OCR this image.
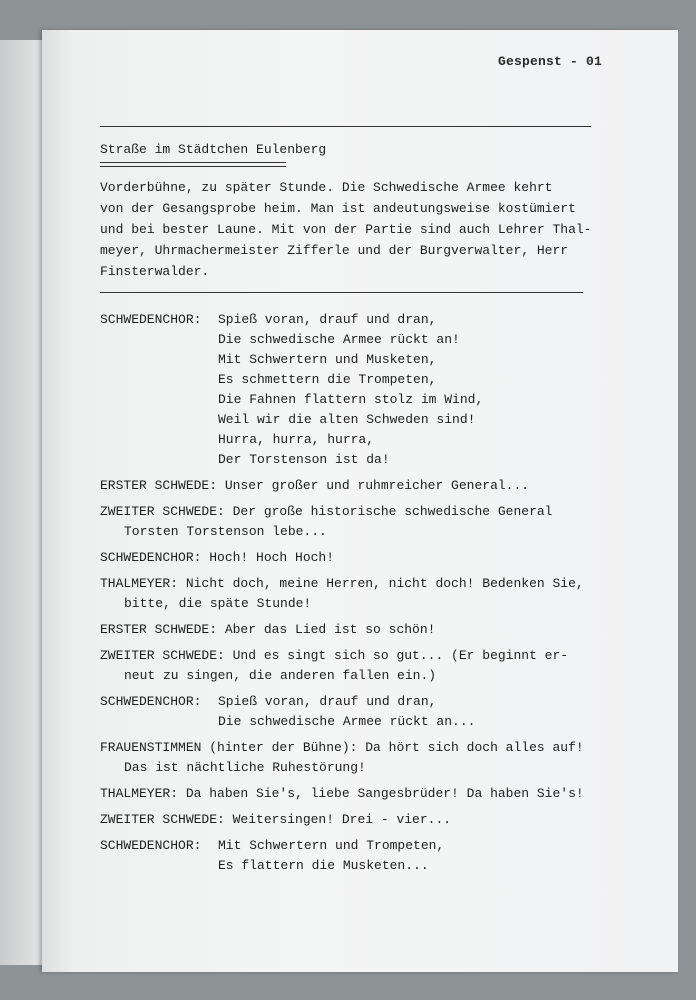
Gespenst - 01
Straße im Städtchen Eulenberg
Vorderbühne, zu später Stunde. Die Schwedische Armee kehrt
von der Gesangsprobe heim. Man ist andeutungsweise kostümiert
und bei bester Laune. Mit von der Partie sind auch Lehrer Thal-
meyer, Uhrmachermeister Zifferle und der Burgverwalter, Herr
Finsterwalder.
SCHWEDENCHOR: Spieß voran, drauf und dran,
Die schwedische Armee rückt an!
Mit Schwertern und Musketen,
Es schmettern die Trompeten,
Die Fahnen flattern stolz im Wind,
Weil wir die alten Schweden sind!
Hurra, hurra, hurra,
Der Torstenson ist da!
ERSTER SCHWEDE: Unser großer und ruhmreicher General...
ZWEITER SCHWEDE: Der große historische schwedische General
Torsten Torstenson lebe...
SCHWEDENCHOR: Hoch! Hoch Hoch!
THALMEYER: Nicht doch, meine Herren, nicht doch! Bedenken Sie,
bitte, die späte Stunde!
ERSTER SCHWEDE: Aber das Lied ist so schön!
ZWEITER SCHWEDE: Und es singt sich so gut... (Er beginnt er-
neut zu singen, die anderen fallen ein.)
SCHWEDENCHOR: Spieß voran, drauf und dran,
Die schwedische Armee rückt an...
FRAUENSTIMMEN (hinter der Bühne): Da hört sich doch alles auf!
Das ist nächtliche Ruhestörung!
THALMEYER: Da haben Sie's, liebe Sangesbrüder! Da haben Sie's!
ZWEITER SCHWEDE: Weitersingen! Drei - vier...
SCHWEDENCHOR: Mit Schwertern und Trompeten,
Es flattern die Musketen...
